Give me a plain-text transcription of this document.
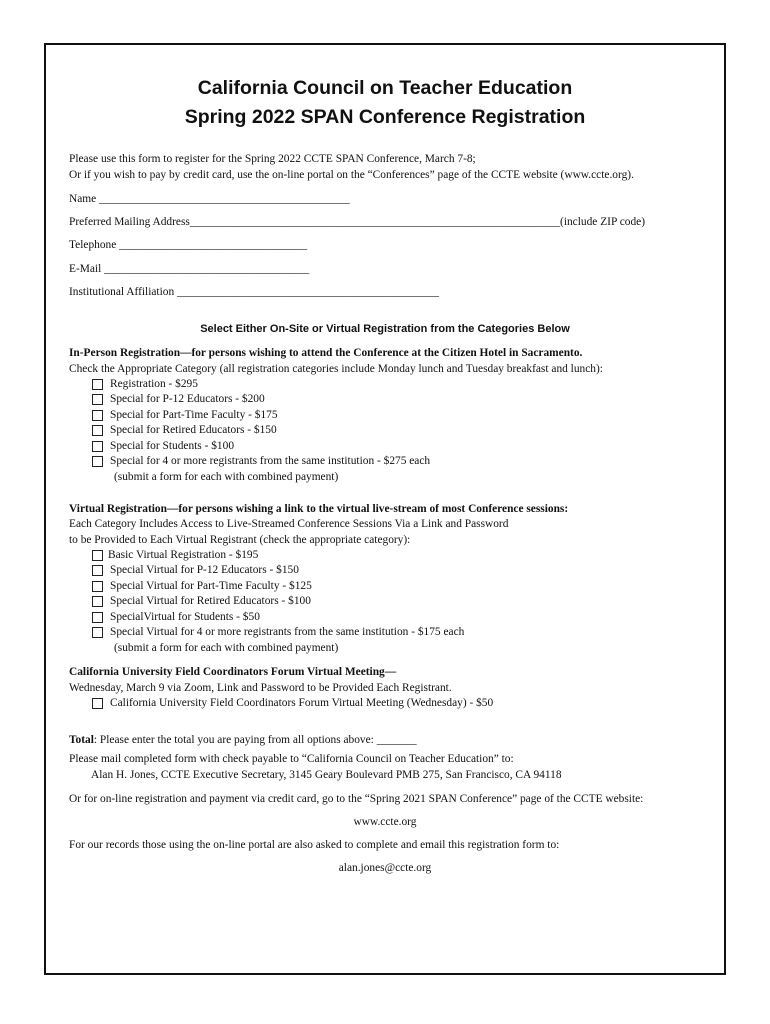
California Council on Teacher Education
Spring 2022 SPAN Conference Registration
Please use this form to register for the Spring 2022 CCTE SPAN Conference, March 7-8;
Or if you wish to pay by credit card, use the on-line portal on the “Conferences” page of the CCTE website (www.ccte.org).
Name ____________________________________________
Preferred Mailing Address_________________________________________________________________(include ZIP code)
Telephone _________________________________
E-Mail ____________________________________
Institutional Affiliation ______________________________________________
Select Either On-Site or Virtual Registration from the Categories Below
In-Person Registration—for persons wishing to attend the Conference at the Citizen Hotel in Sacramento.
Check the Appropriate Category (all registration categories include Monday lunch and Tuesday breakfast and lunch):
Registration - $295
Special for P-12 Educators - $200
Special for Part-Time Faculty - $175
Special for Retired Educators - $150
Special for Students - $100
Special for 4 or more registrants from the same institution - $275 each
(submit a form for each with combined payment)
Virtual Registration—for persons wishing a link to the virtual live-stream of most Conference sessions:
Each Category Includes Access to Live-Streamed Conference Sessions Via a Link and Password
to be Provided to Each Virtual Registrant (check the appropriate category):
Basic Virtual Registration - $195
Special Virtual for P-12 Educators - $150
Special Virtual for Part-Time Faculty - $125
Special Virtual for Retired Educators - $100
SpecialVirtual for Students - $50
Special Virtual for 4 or more registrants from the same institution - $175 each
(submit a form for each with combined payment)
California University Field Coordinators Forum Virtual Meeting—
Wednesday, March 9 via Zoom, Link and Password to be Provided Each Registrant.
California University Field Coordinators Forum Virtual Meeting (Wednesday) - $50
Total: Please enter the total you are paying from all options above: _______
Please mail completed form with check payable to “California Council on Teacher Education” to:
Alan H. Jones, CCTE Executive Secretary, 3145 Geary Boulevard PMB 275, San Francisco, CA 94118
Or for on-line registration and payment via credit card, go to the “Spring 2021 SPAN Conference” page of the CCTE website:
www.ccte.org
For our records those using the on-line portal are also asked to complete and email this registration form to:
alan.jones@ccte.org
